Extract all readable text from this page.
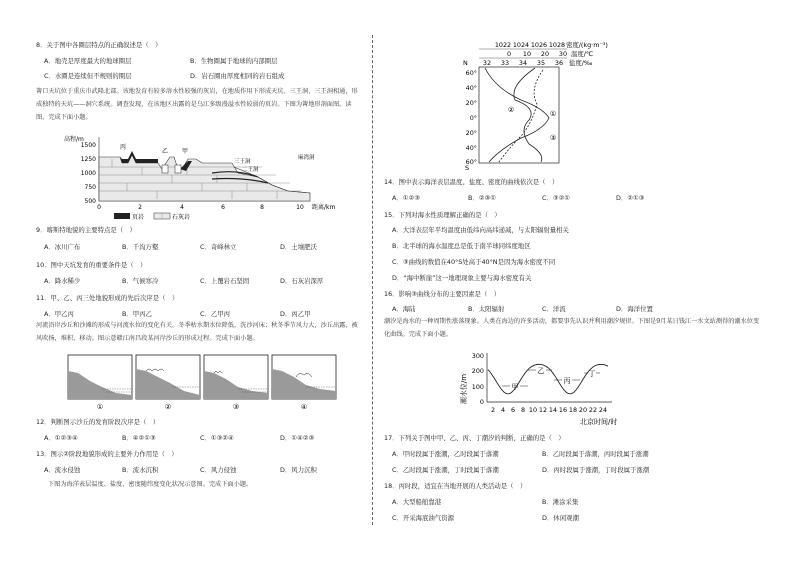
8．关于图中各圈层特点的正确叙述是（　）
A．地壳是厚度最大的地球圈层	B．生物圈属于地球的内部圈层
C．水圈是连续但不规则的圈层	D．岩石圈由厚度相同的岩石组成
箐口天坑位于重庆市武隆北部。该地发育有较多溶水性较强的灰岩，在地质作用下形成天坑、三王洞、三王洞相通，形成独特的天坑——洞穴系统。调查发现，在该地区出露的是乌江多级漫溢水性较弱的页岩。下图为箐地形剖面图。读图，完成下面小题。
高程/m
1250
1000
750
500
1500	丙
乙 甲
三王洞
二王洞
麻湾洞
0	2	4	6	8	10 距离/km
页岩	石灰岩
9．喀斯特地貌的主要特点是（　）
A．冰川广布	B．千沟万壑	C．奇峰林立	D．土壤肥沃
10．图中天坑发育的重要条件是（　）
A．降水稀少	B．气候寒冷	C．上覆岩石坚固	D．石灰岩深厚
11．甲、乙、丙三处地貌形成的先后次序是（　）
A．甲乙丙	B．甲丙乙	C．乙甲丙	D．丙乙甲
河流沿岸沙丘和沙滩的形成与河流水位的变化有关。冬季枯水期水位降低，洗沙河床；秋冬季节风力大，沙丘出露，被风吹扬，堆积，移动。图示意赣江南昌段某河岸沙丘的形成过程。完成下面小题。
①	②	③	④
12．判断图示沙丘的发育阶段次序是（　）
A．①②③④	B．④②①③	C．①③②④	D．①④②③
13．图示②阶段地貌形成的主要外力作用是（　）
A．流水侵蚀	B．流水沉积	C．风力侵蚀	D．风力沉积
下图为海洋表层温度、盐度、密度随纬度变化状况示意图。完成下面小题。
1022 1024 1026 1028
0 10 20 30
32 33 34 35 36
密度/(kg·m⁻³)
温度/℃
盐度/‰
N
S
60°
40°
20°
0°
20°
40°
60°
②	①
③
14．图中表示海洋表层温度、盐度、密度的曲线依次是（　）
A．①②③	B．②③①	C．③②①	D．②①③
15．下列对海水性质理解正确的是（　）
A．大洋表层年平均温度由低纬向高纬递减，与太阳辐射量相关
B．北半球的海水温度总是低于南半球同纬度地区
C．③曲线的数值在40°S处高于40°N是因为海水密度不同
D．“海中断崖”这一地理现象主要与海水密度有关
16．影响③曲线分布的主要因素是（　）
A．海陆	B．太阳辐射	C．洋流	D．海洋位置
潮汐是海水的一种周期性涨落现象。人类在海边的许多活动，都要事先认识并利用潮汐规律。下图是9月某日钱江一水文站测得的潮水位变化曲线。完成下面小题。
潮水位/m
300
200
100
0
甲
乙
丙
丁
2 4 6 8 10 12 14 16 18 20 22 24
北京时间/时
17．下列关于图中甲、乙、丙、丁潮汐的判断，正确的是（　）
A．甲时段属于涨潮，乙时段属于落潮	B．乙时段属于落潮，丙时段属于涨潮
C．乙时段属于涨潮，丁时段属于落潮	D．丙时段属于涨潮，丁时段属于涨潮
18．丙时段，适宜在当地开展的人类活动是（　）
A．大型船舶靠港	B．滩涂采集
C．开采海底油气资源	D．休闲观潮
